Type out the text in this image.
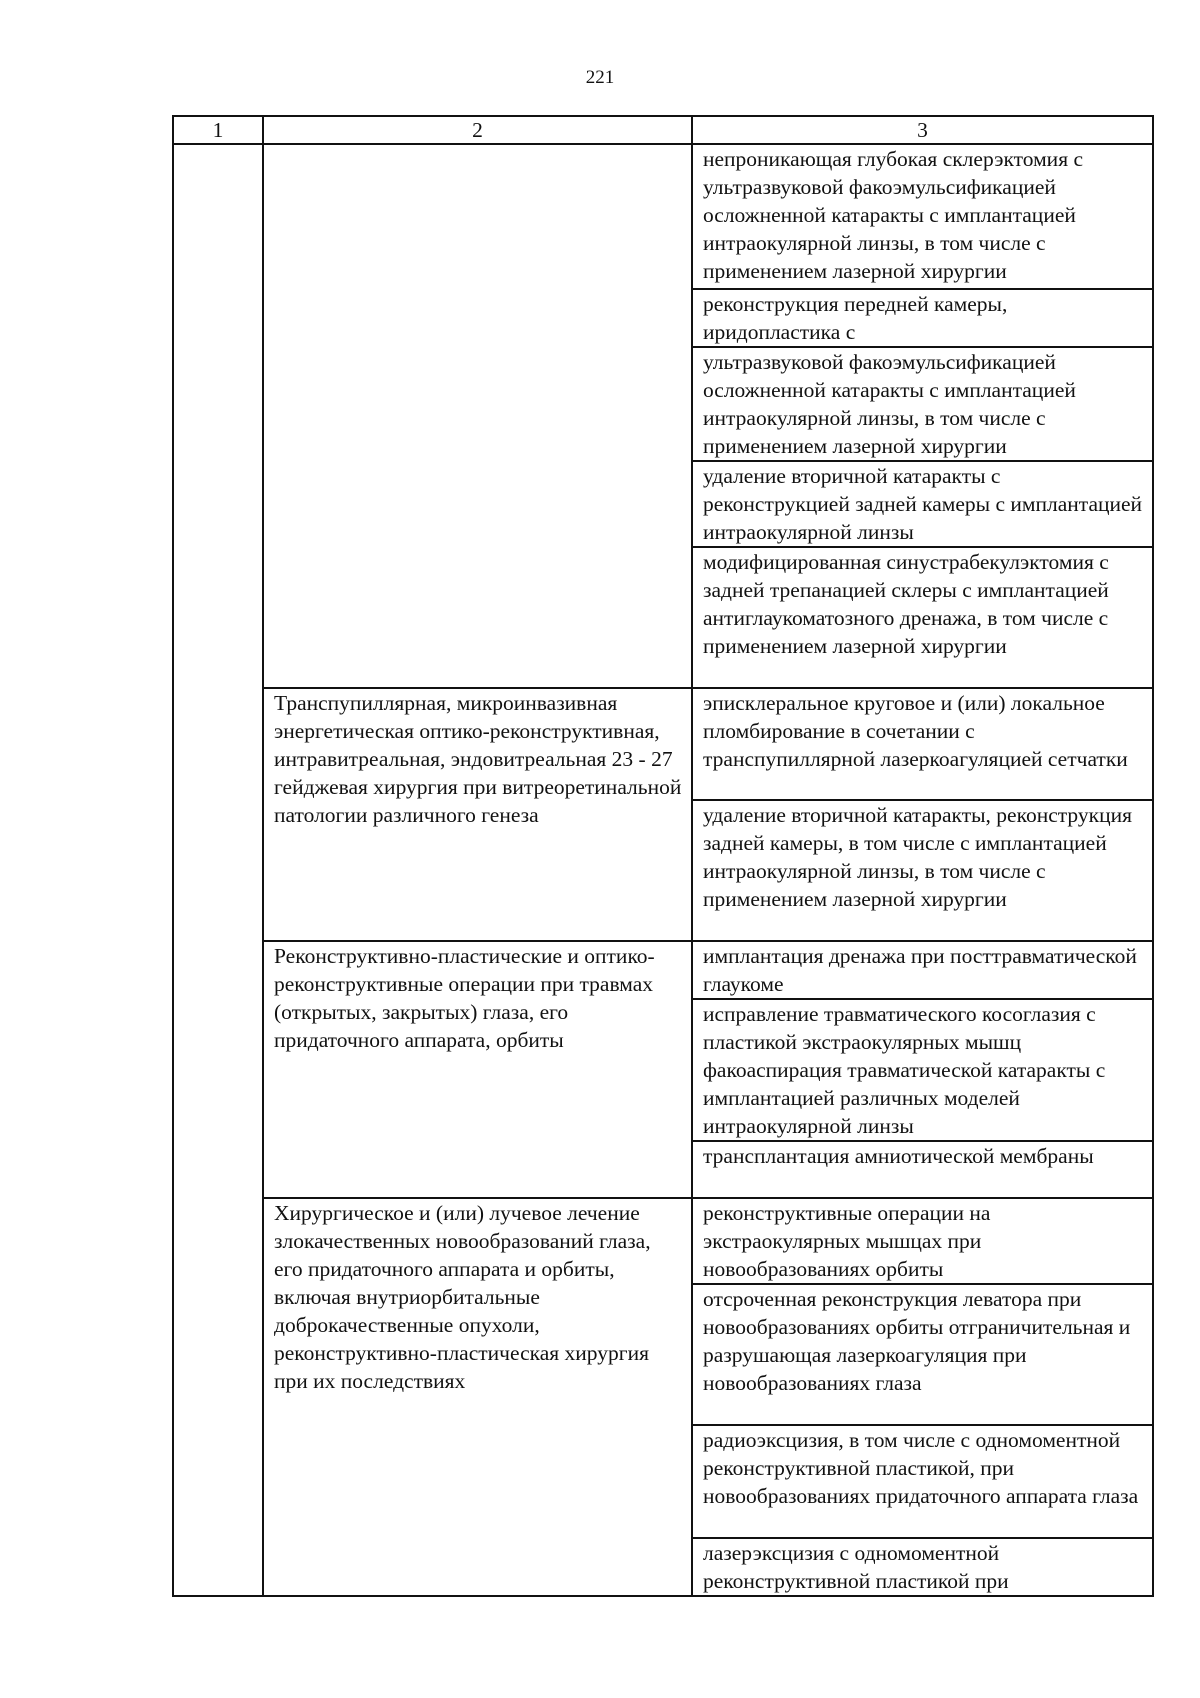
221
1	2	3
		непроникающая глубокая склерэктомия с ультразвуковой факоэмульсификацией осложненной катаракты с имплантацией интраокулярной линзы, в том числе с применением лазерной хирургии
		реконструкция передней камеры, иридопластика с
		ультразвуковой факоэмульсификацией осложненной катаракты с имплантацией интраокулярной линзы, в том числе с применением лазерной хирургии
		удаление вторичной катаракты с реконструкцией задней камеры с имплантацией интраокулярной линзы
		модифицированная синустрабекулэктомия с задней трепанацией склеры с имплантацией антиглаукоматозного дренажа, в том числе с применением лазерной хирургии
	Транспупиллярная, микроинвазивная энергетическая оптико-реконструктивная, интравитреальная, эндовитреальная 23 - 27 гейджевая хирургия при витреоретинальной патологии различного генеза	эписклеральное круговое и (или) локальное пломбирование в сочетании с транспупиллярной лазеркоагуляцией сетчатки
		удаление вторичной катаракты, реконструкция задней камеры, в том числе с имплантацией интраокулярной линзы, в том числе с применением лазерной хирургии
	Реконструктивно-пластические и оптико-реконструктивные операции при травмах (открытых, закрытых) глаза, его придаточного аппарата, орбиты	имплантация дренажа при посттравматической глаукоме
		исправление травматического косоглазия с пластикой экстраокулярных мышц факоаспирация травматической катаракты с имплантацией различных моделей интраокулярной линзы
		трансплантация амниотической мембраны
	Хирургическое и (или) лучевое лечение злокачественных новообразований глаза, его придаточного аппарата и орбиты, включая внутриорбитальные доброкачественные опухоли, реконструктивно-пластическая хирургия при их последствиях	реконструктивные операции на экстраокулярных мышцах при новообразованиях орбиты
		отсроченная реконструкция леватора при новообразованиях орбиты отграничительная и разрушающая лазеркоагуляция при новообразованиях глаза
		радиоэксцизия, в том числе с одномоментной реконструктивной пластикой, при новообразованиях придаточного аппарата глаза
		лазерэксцизия с одномоментной реконструктивной пластикой при
